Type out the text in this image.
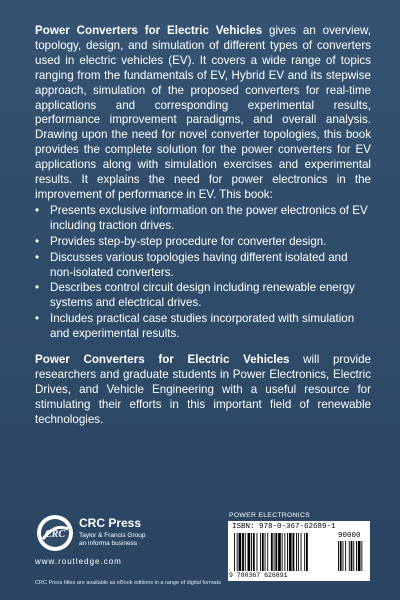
Power Converters for Electric Vehicles gives an overview, topology, design, and simulation of different types of converters used in electric vehicles (EV). It covers a wide range of topics ranging from the fundamentals of EV, Hybrid EV and its stepwise approach, simulation of the proposed converters for real-time applications and corresponding experimental results, performance improvement paradigms, and overall analysis. Drawing upon the need for novel converter topologies, this book provides the complete solution for the power converters for EV applications along with simulation exercises and experimental results. It explains the need for power electronics in the improvement of performance in EV. This book:

• Presents exclusive information on the power electronics of EV including traction drives.
• Provides step-by-step procedure for converter design.
• Discusses various topologies having different isolated and non-isolated converters.
• Describes control circuit design including renewable energy systems and electrical drives.
• Includes practical case studies incorporated with simulation and experimental results.

Power Converters for Electric Vehicles will provide researchers and graduate students in Power Electronics, Electric Drives, and Vehicle Engineering with a useful resource for stimulating their efforts in this important field of renewable technologies.

CRC
CRC Press
Taylor & Francis Group
an informa business
www.routledge.com
CRC Press titles are available as eBook editions in a range of digital formats
POWER ELECTRONICS
ISBN: 978-0-367-62689-1
90000
9 780367 626891
